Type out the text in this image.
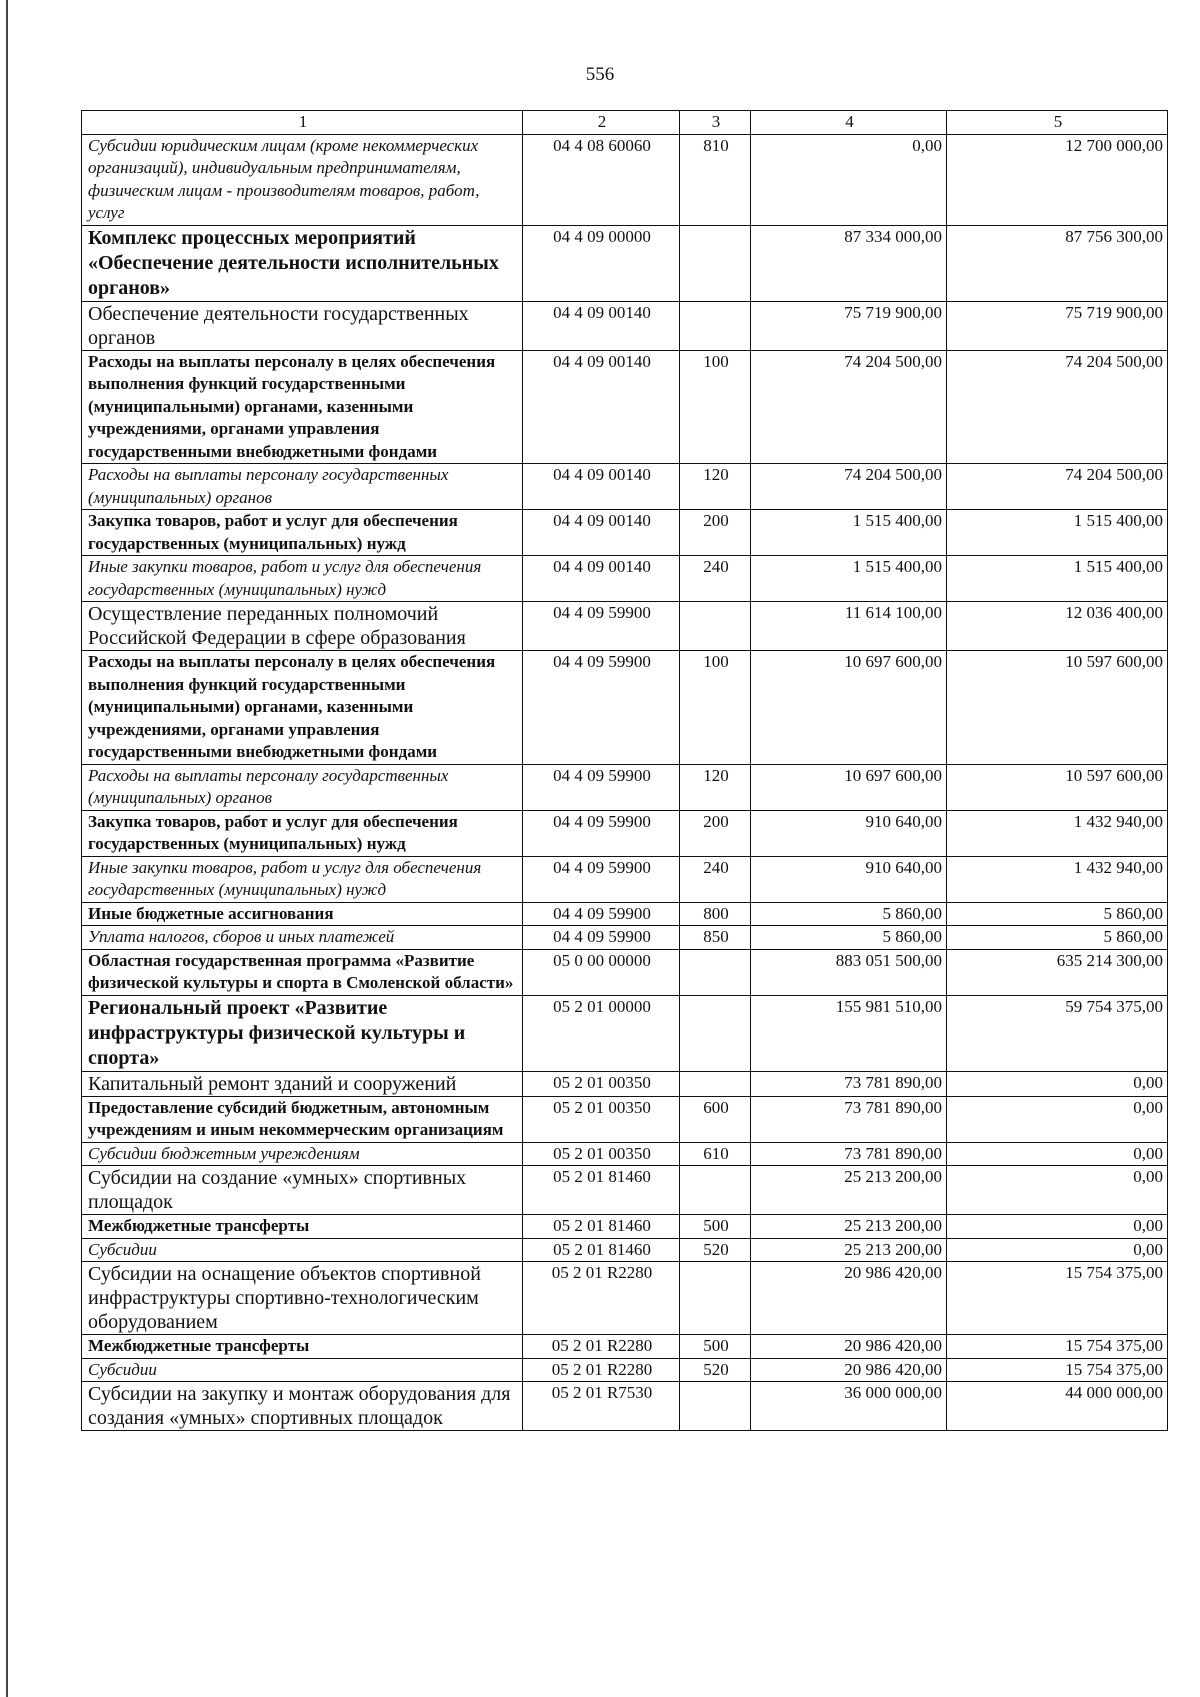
556
1	2	3	4	5
Субсидии юридическим лицам (кроме некоммерческих организаций), индивидуальным предпринимателям, физическим лицам - производителям товаров, работ, услуг	04 4 08 60060	810	0,00	12 700 000,00
Комплекс процессных мероприятий «Обеспечение деятельности исполнительных органов»	04 4 09 00000		87 334 000,00	87 756 300,00
Обеспечение деятельности государственных органов	04 4 09 00140		75 719 900,00	75 719 900,00
Расходы на выплаты персоналу в целях обеспечения выполнения функций государственными (муниципальными) органами, казенными учреждениями, органами управления государственными внебюджетными фондами	04 4 09 00140	100	74 204 500,00	74 204 500,00
Расходы на выплаты персоналу государственных (муниципальных) органов	04 4 09 00140	120	74 204 500,00	74 204 500,00
Закупка товаров, работ и услуг для обеспечения государственных (муниципальных) нужд	04 4 09 00140	200	1 515 400,00	1 515 400,00
Иные закупки товаров, работ и услуг для обеспечения государственных (муниципальных) нужд	04 4 09 00140	240	1 515 400,00	1 515 400,00
Осуществление переданных полномочий Российской Федерации в сфере образования	04 4 09 59900		11 614 100,00	12 036 400,00
Расходы на выплаты персоналу в целях обеспечения выполнения функций государственными (муниципальными) органами, казенными учреждениями, органами управления государственными внебюджетными фондами	04 4 09 59900	100	10 697 600,00	10 597 600,00
Расходы на выплаты персоналу государственных (муниципальных) органов	04 4 09 59900	120	10 697 600,00	10 597 600,00
Закупка товаров, работ и услуг для обеспечения государственных (муниципальных) нужд	04 4 09 59900	200	910 640,00	1 432 940,00
Иные закупки товаров, работ и услуг для обеспечения государственных (муниципальных) нужд	04 4 09 59900	240	910 640,00	1 432 940,00
Иные бюджетные ассигнования	04 4 09 59900	800	5 860,00	5 860,00
Уплата налогов, сборов и иных платежей	04 4 09 59900	850	5 860,00	5 860,00
Областная государственная программа «Развитие физической культуры и спорта в Смоленской области»	05 0 00 00000		883 051 500,00	635 214 300,00
Региональный проект «Развитие инфраструктуры физической культуры и спорта»	05 2 01 00000		155 981 510,00	59 754 375,00
Капитальный ремонт зданий и сооружений	05 2 01 00350		73 781 890,00	0,00
Предоставление субсидий бюджетным, автономным учреждениям и иным некоммерческим организациям	05 2 01 00350	600	73 781 890,00	0,00
Субсидии бюджетным учреждениям	05 2 01 00350	610	73 781 890,00	0,00
Субсидии на создание «умных» спортивных площадок	05 2 01 81460		25 213 200,00	0,00
Межбюджетные трансферты	05 2 01 81460	500	25 213 200,00	0,00
Субсидии	05 2 01 81460	520	25 213 200,00	0,00
Субсидии на оснащение объектов спортивной инфраструктуры спортивно-технологическим оборудованием	05 2 01 R2280		20 986 420,00	15 754 375,00
Межбюджетные трансферты	05 2 01 R2280	500	20 986 420,00	15 754 375,00
Субсидии	05 2 01 R2280	520	20 986 420,00	15 754 375,00
Субсидии на закупку и монтаж оборудования для создания «умных» спортивных площадок	05 2 01 R7530		36 000 000,00	44 000 000,00
